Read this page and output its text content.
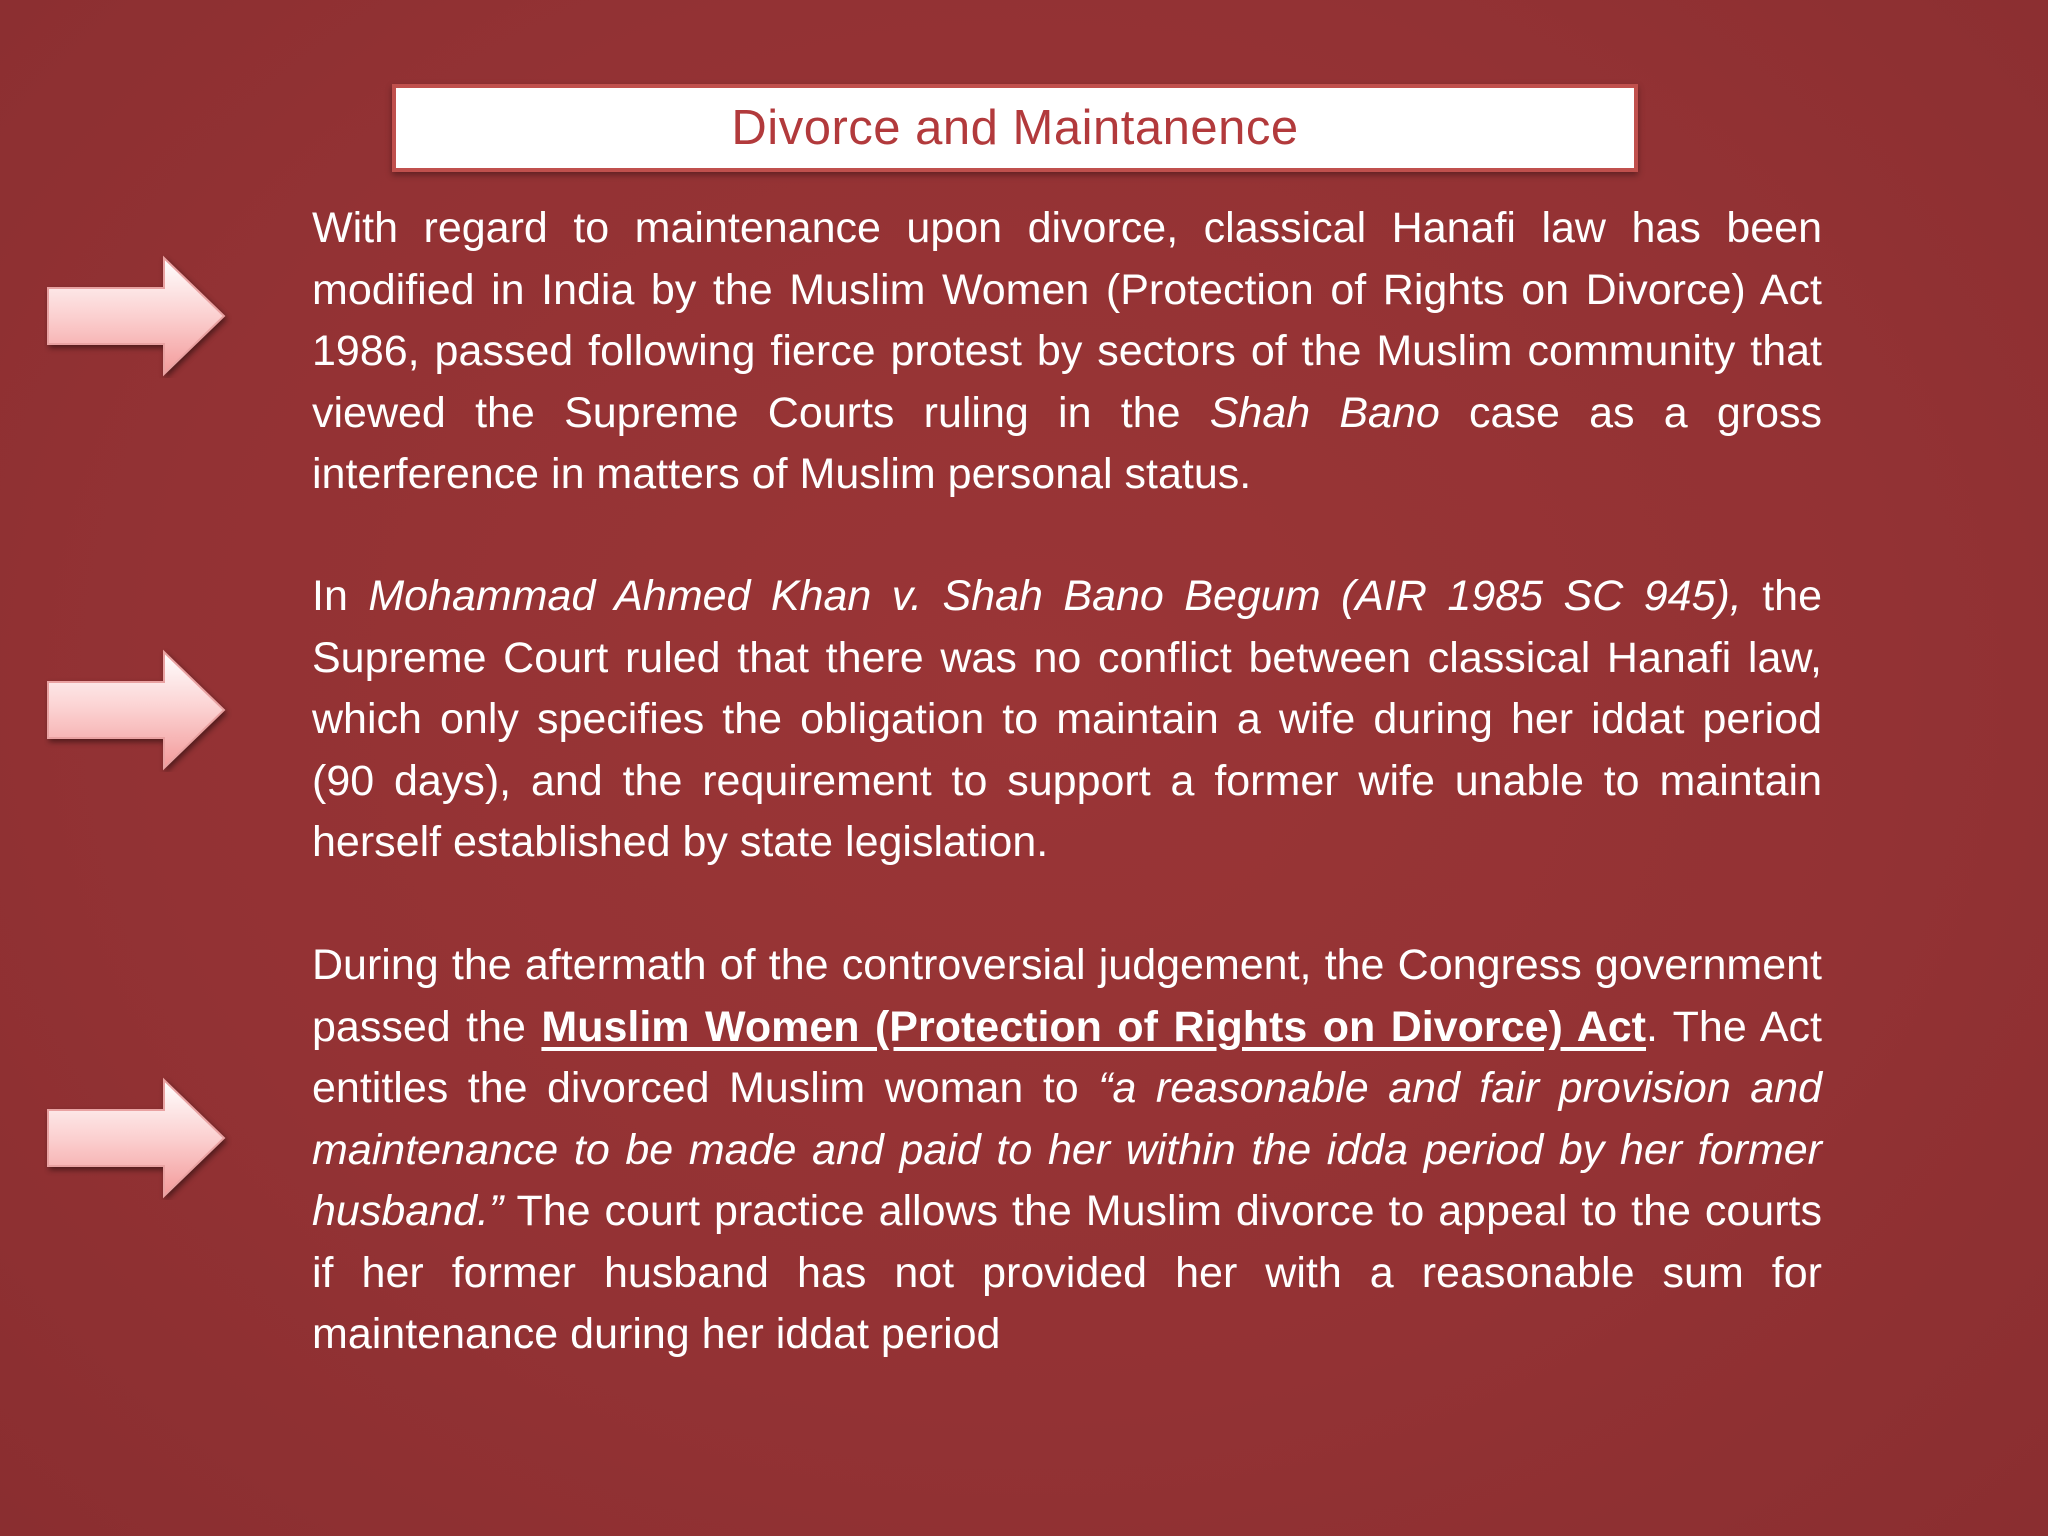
Divorce and Maintanence
With regard to maintenance upon divorce, classical Hanafi law has been modified in India by the Muslim Women (Protection of Rights on Divorce) Act 1986, passed following fierce protest by sectors of the Muslim community that viewed the Supreme Courts ruling in the Shah Bano case as a gross interference in matters of Muslim personal status.
In Mohammad Ahmed Khan v. Shah Bano Begum (AIR 1985 SC 945), the Supreme Court ruled that there was no conflict between classical Hanafi law, which only specifies the obligation to maintain a wife during her iddat period (90 days), and the requirement to support a former wife unable to maintain herself established by state legislation.
During the aftermath of the controversial judgement, the Congress government passed the Muslim Women (Protection of Rights on Divorce) Act. The Act entitles the divorced Muslim woman to “a reasonable and fair provision and maintenance to be made and paid to her within the idda period by her former husband.” The court practice allows the Muslim divorce to appeal to the courts if her former husband has not provided her with a reasonable sum for maintenance during her iddat period
